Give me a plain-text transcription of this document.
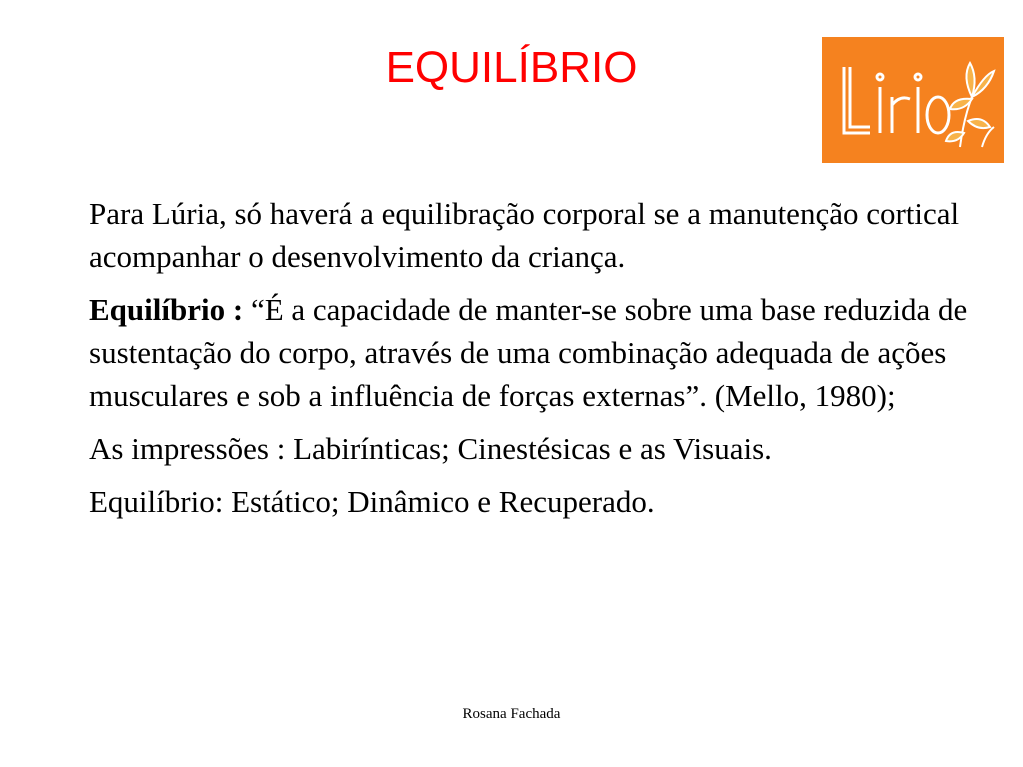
EQUILÍBRIO

Para Lúria, só haverá a equilibração corporal se a manutenção cortical acompanhar o desenvolvimento da criança.

Equilíbrio : “É a capacidade de manter-se sobre uma base reduzida de sustentação do corpo, através de uma combinação adequada de ações musculares e sob a influência de forças externas”. (Mello, 1980);

As impressões : Labirínticas; Cinestésicas e as Visuais.

Equilíbrio: Estático; Dinâmico e Recuperado.

Rosana Fachada
